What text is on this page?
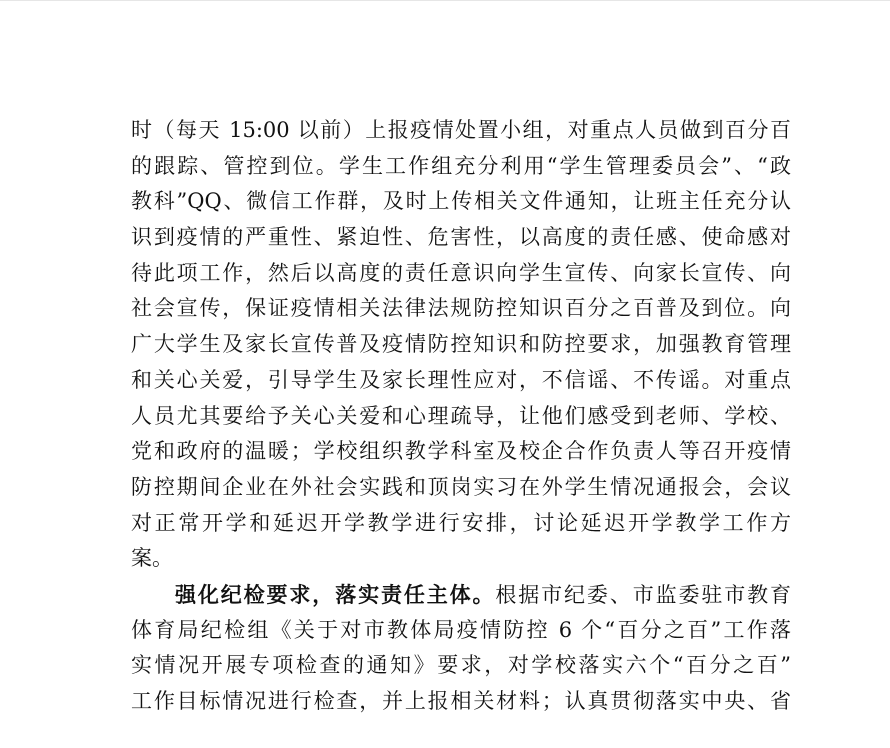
时（每天 15:00 以前）上报疫情处置小组，对重点人员做到百分百
的跟踪、管控到位。学生工作组充分利用“学生管理委员会”、“政
教科”QQ、微信工作群，及时上传相关文件通知，让班主任充分认
识到疫情的严重性、紧迫性、危害性，以高度的责任感、使命感对
待此项工作，然后以高度的责任意识向学生宣传、向家长宣传、向
社会宣传，保证疫情相关法律法规防控知识百分之百普及到位。向
广大学生及家长宣传普及疫情防控知识和防控要求，加强教育管理
和关心关爱，引导学生及家长理性应对，不信谣、不传谣。对重点
人员尤其要给予关心关爱和心理疏导，让他们感受到老师、学校、
党和政府的温暖；学校组织教学科室及校企合作负责人等召开疫情
防控期间企业在外社会实践和顶岗实习在外学生情况通报会，会议
对正常开学和延迟开学教学进行安排，讨论延迟开学教学工作方
案。
强化纪检要求，落实责任主体。根据市纪委、市监委驻市教育
体育局纪检组《关于对市教体局疫情防控 6 个“百分之百”工作落
实情况开展专项检查的通知》要求，对学校落实六个“百分之百”
工作目标情况进行检查，并上报相关材料；认真贯彻落实中央、省
